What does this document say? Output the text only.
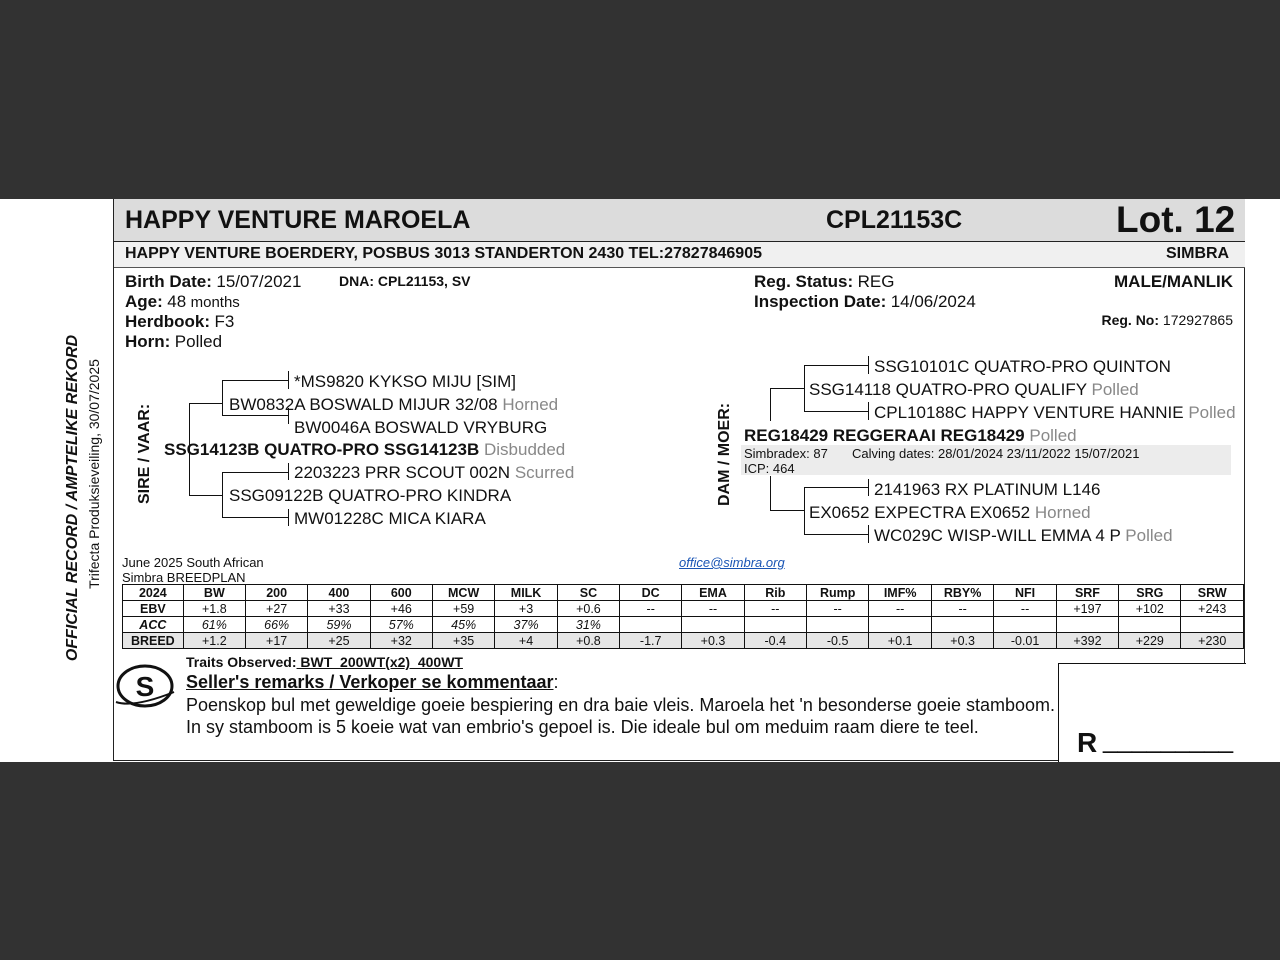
OFFICIAL RECORD / AMPTELIKE REKORD Trifecta Produksieveiling, 30/07/2025
HAPPY VENTURE MAROELA	CPL21153C	Lot. 12
HAPPY VENTURE BOERDERY, POSBUS 3013 STANDERTON 2430 TEL:27827846905	SIMBRA
Birth Date: 15/07/2021	DNA: CPL21153, SV
Age: 48 months
Herdbook: F3
Horn: Polled
Reg. Status: REG
Inspection Date: 14/06/2024
MALE/MANLIK
Reg. No: 172927865
SIRE / VAAR:
*MS9820 KYKSO MIJU [SIM]
BW0832A BOSWALD MIJUR 32/08 Horned
BW0046A BOSWALD VRYBURG
SSG14123B QUATRO-PRO SSG14123B Disbudded
2203223 PRR SCOUT 002N Scurred
SSG09122B QUATRO-PRO KINDRA
MW01228C MICA KIARA
DAM / MOER:
SSG10101C QUATRO-PRO QUINTON
SSG14118 QUATRO-PRO QUALIFY Polled
CPL10188C HAPPY VENTURE HANNIE Polled
REG18429 REGGERAAI REG18429 Polled
Simbradex: 87 Calving dates: 28/01/2024 23/11/2022 15/07/2021
ICP: 464
2141963 RX PLATINUM L146
EX0652 EXPECTRA EX0652 Horned
WC029C WISP-WILL EMMA 4 P Polled
June 2025 South African
Simbra BREEDPLAN
office@simbra.org
2024	BW	200	400	600	MCW	MILK	SC	DC	EMA	Rib	Rump	IMF%	RBY%	NFI	SRF	SRG	SRW
EBV	+1.8	+27	+33	+46	+59	+3	+0.6	--	--	--	--	--	--	--	+197	+102	+243
ACC	61%	66%	59%	57%	45%	37%	31%										
BREED	+1.2	+17	+25	+32	+35	+4	+0.8	-1.7	+0.3	-0.4	-0.5	+0.1	+0.3	-0.01	+392	+229	+230
S
Traits Observed: BWT  200WT(x2)  400WT
Seller's remarks / Verkoper se kommentaar:
Poenskop bul met geweldige goeie bespiering en dra baie vleis. Maroela het 'n besonderse goeie stamboom. In sy stamboom is 5 koeie wat van embrio's gepoel is. Die ideale bul om meduim raam diere te teel.	R _________
